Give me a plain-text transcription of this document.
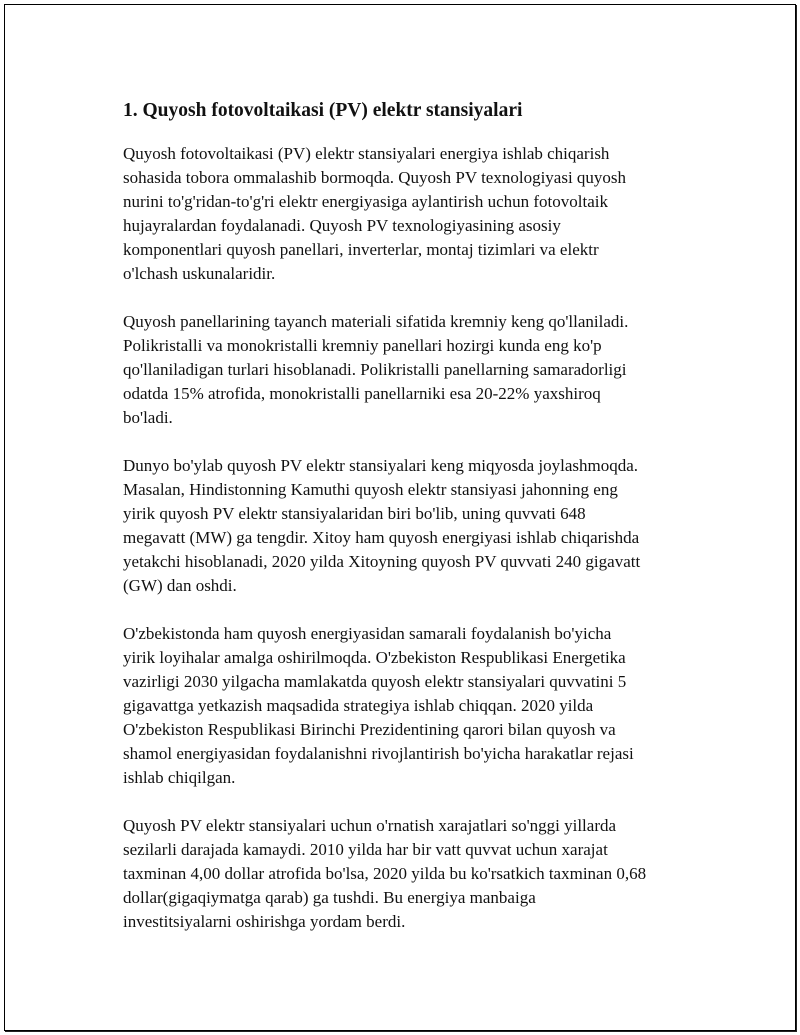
1. Quyosh fotovoltaikasi (PV) elektr stansiyalari

Quyosh fotovoltaikasi (PV) elektr stansiyalari energiya ishlab chiqarish
sohasida tobora ommalashib bormoqda. Quyosh PV texnologiyasi quyosh
nurini to'g'ridan-to'g'ri elektr energiyasiga aylantirish uchun fotovoltaik
hujayralardan foydalanadi. Quyosh PV texnologiyasining asosiy
komponentlari quyosh panellari, inverterlar, montaj tizimlari va elektr
o'lchash uskunalaridir.

Quyosh panellarining tayanch materiali sifatida kremniy keng qo'llaniladi.
Polikristalli va monokristalli kremniy panellari hozirgi kunda eng ko'p
qo'llaniladigan turlari hisoblanadi. Polikristalli panellarning samaradorligi
odatda 15% atrofida, monokristalli panellarniki esa 20-22% yaxshiroq
bo'ladi.

Dunyo bo'ylab quyosh PV elektr stansiyalari keng miqyosda joylashmoqda.
Masalan, Hindistonning Kamuthi quyosh elektr stansiyasi jahonning eng
yirik quyosh PV elektr stansiyalaridan biri bo'lib, uning quvvati 648
megavatt (MW) ga tengdir. Xitoy ham quyosh energiyasi ishlab chiqarishda
yetakchi hisoblanadi, 2020 yilda Xitoyning quyosh PV quvvati 240 gigavatt
(GW) dan oshdi.

O'zbekistonda ham quyosh energiyasidan samarali foydalanish bo'yicha
yirik loyihalar amalga oshirilmoqda. O'zbekiston Respublikasi Energetika
vazirligi 2030 yilgacha mamlakatda quyosh elektr stansiyalari quvvatini 5
gigavattga yetkazish maqsadida strategiya ishlab chiqqan. 2020 yilda
O'zbekiston Respublikasi Birinchi Prezidentining qarori bilan quyosh va
shamol energiyasidan foydalanishni rivojlantirish bo'yicha harakatlar rejasi
ishlab chiqilgan.

Quyosh PV elektr stansiyalari uchun o'rnatish xarajatlari so'nggi yillarda
sezilarli darajada kamaydi. 2010 yilda har bir vatt quvvat uchun xarajat
taxminan 4,00 dollar atrofida bo'lsa, 2020 yilda bu ko'rsatkich taxminan 0,68
dollar(gigaqiymatga qarab) ga tushdi. Bu energiya manbaiga
investitsiyalarni oshirishga yordam berdi.
